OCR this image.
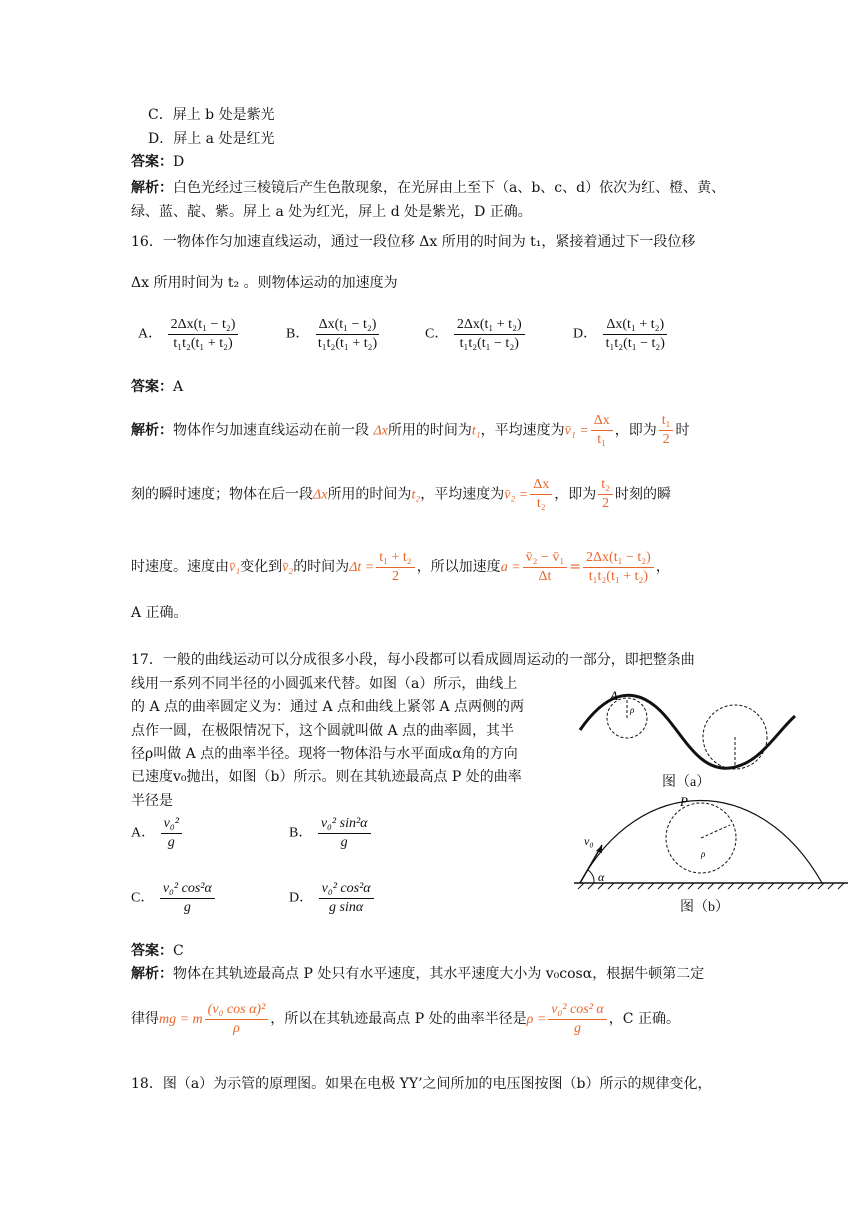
C．屏上 b 处是紫光
D．屏上 a 处是红光
答案：D
解析：白色光经过三棱镜后产生色散现象，在光屏由上至下（a、b、c、d）依次为红、橙、黄、绿、蓝、靛、紫。屏上 a 处为红光，屏上 d 处是紫光，D 正确。
16．一物体作匀加速直线运动，通过一段位移 Δx 所用的时间为 t₁，紧接着通过下一段位移
Δx 所用时间为 t₂ 。则物体运动的加速度为
A． $\frac{\text{2Δx(t₁ − t₂)}}{\text{t₁t₂(t₁ + t₂)}}$	B． $\frac{\text{Δx(t₁ − t₂)}}{\text{t₁t₂(t₁ + t₂)}}$	C． $\frac{\text{2Δx(t₁ + t₂)}}{\text{t₁t₂(t₁ − t₂)}}$	D． $\frac{\text{Δx(t₁ + t₂)}}{\text{t₁t₂(t₁ − t₂)}}$
答案：A
解析：物体作匀加速直线运动在前一段 Δx所用的时间为t₁，平均速度为v̄₁ = $\frac{\Delta x}{\text{t₁}}$ ，即为 $\frac{\text{t₁}}{2}$ 时
刻的瞬时速度；物体在后一段Δx所用的时间为t₂，平均速度为v̄₂ = $\frac{\Delta x}{\text{t₂}}$ ，即为 $\frac{\text{t₂}}{2}$ 时刻的瞬
时速度。速度由v̄₁变化到v̄₂的时间为$\Delta t = \frac{\text{t₁ + t₂}}{2}$ ，所以加速度$a = \frac{\text{v̄₂ − v̄₁}}{\Delta t} = \frac{\text{2Δx(t₁ − t₂)}}{\text{t₁t₂(t₁ + t₂)}}$ ，
A 正确。
17．一般的曲线运动可以分成很多小段，每小段都可以看成圆周运动的一部分，即把整条曲
线用一系列不同半径的小圆弧来代替。如图（a）所示，曲线上
的 A 点的曲率圆定义为：通过 A 点和曲线上紧邻 A 点两侧的两
点作一圆，在极限情况下，这个圆就叫做 A 点的曲率圆，其半
径ρ叫做 A 点的曲率半径。现将一物体沿与水平面成α角的方向
已速度v₀抛出，如图（b）所示。则在其轨迹最高点 P 处的曲率
半径是
A． $\frac{\text{v₀²}}{g}$	B． $\frac{\text{v₀² sin²α}}{g}$
C． $\frac{\text{v₀² cos²α}}{g}$	D． $\frac{\text{v₀² cos²α}}{\text{g sinα}}$
A
ρ
图（a）
P
v₀
α
ρ
图（b）
答案：C
解析：物体在其轨迹最高点 P 处只有水平速度，其水平速度大小为 v₀cosα，根据牛顿第二定
律得mg = m $\frac{\text{(v₀ cos α)²}}{\rho}$ ，所以在其轨迹最高点 P 处的曲率半径是$\rho = \frac{\text{v₀² cos² α}}{g}$ ，C 正确。
18．图（a）为示管的原理图。如果在电极 YY’之间所加的电压图按图（b）所示的规律变化，
